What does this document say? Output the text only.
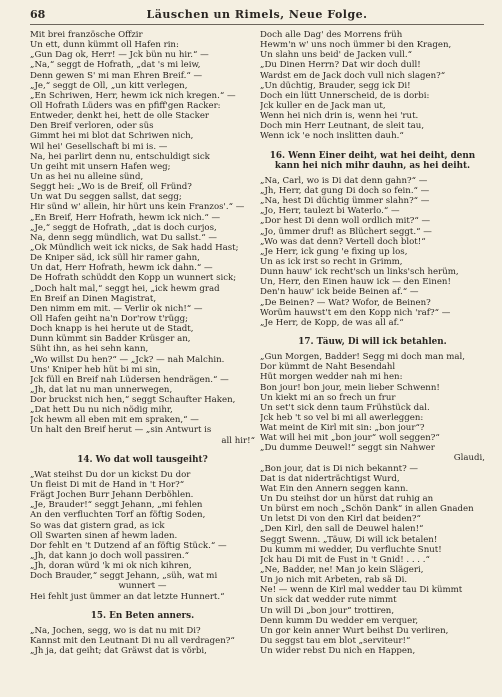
68	Läuschen un Rimels, Neue Folge.
Mit brei französche Offzir
Un ett, dunn kümmt oll Hafen rin:
„Gun Dag ok, Herr! — Jck bün nu hir.“ —
„Na,“ seggt de Hofrath, „dat 's mi leiw,
Denn gewen S' mi man Ehren Breif.“ —
„Je,“ seggt de Oll, „un kitt verlegen,
„En Schriwen, Herr, hewm ick nich kregen.“ —
Oll Hofrath Lüders was en pfiff'gen Racker:
Entweder, denkt hei, hett de olle Stacker
Den Breif verloren, oder süs
Gimmt hei mi blot dat Schriwen nich,
Wil hei' Gesellschaft bi mi is. —
Na, hei parlirt denn nu, entschuldigt sick
Un geiht mit unsern Hafen weg;
Un as hei nu alleine sünd,
Seggt hei: „Wo is de Breif, oll Fründ?
Un wat Du seggen sallst, dat segg;
Hir sünd w' allein, hir hürt uns kein Franzos'.“ —
„En Breif, Herr Hofrath, hewm ick nich.“ —
„Je,“ seggt de Hofrath, „dat is doch curjos,
Na, denn segg mündlich, wat Du sallst.“ —
„Ok Mündlich weit ick nicks, de Sak hadd Hast;
De Kniper säd, ick süll hir ramer gahn,
Un dat, Herr Hofrath, hewm ick dahn.“ —
De Hofrath schüddt den Kopp un wunnert sick;
„Doch halt mal,“ seggt hei, „ick hewm grad
En Breif an Dinen Magistrat,
Den nimm em mit. — Verlir ok nich!“ —
Oll Hafen geiht na'n Dor'row t'rügg;
Doch knapp is hei herute ut de Stadt,
Dunn kümmt sin Badder Krüsger an,
Süht ihn, as hei sehn kann,
„Wo willst Du hen?“ — „Jck? — nah Malchin.
Uns' Kniper heb hüt bi mi sin,
Jck füll en Breif nah Lüdersen hendrägen.“ —
„Jh, dat lat nu man unnerwegen,
Dor bruckst nich hen,“ seggt Schaufter Haken,
„Dat hett Du nu nich nödig mihr,
Jck hewm all eben mit em spraken,“ —
Un halt den Breif herut — „sin Antwurt is
all hir!“
14. Wo dat woll tausgeiht?
„Wat steihst Du dor un kickst Du dor
Un fleist Di mit de Hand in 't Hor?“
Frägt Jochen Burr Jehann Derböhlen.
„Je, Brauder!“ seggt Jehann, „mi fehlen
An den verfluchten Torf an föftig Soden,
So was dat gistern grad, as ick
Oll Swarten sinen af hewm laden.
Dor fehlt en 't Dutzend af an föftig Stück.“ —
„Jh, dat kann jo doch woll passiren.“
„Jh, doran würd 'k mi ok nich kihren,
Doch Brauder,“ seggt Jehann, „süh, wat mi
wunnert —
Hei fehlt just ümmer an dat letzte Hunnert.“
15. En Beten anners.
„Na, Jochen, segg, wo is dat nu mit Di?
Kannst mit den Leutnant Di nu all verdragen?“
„Jh ja, dat geiht; dat Gräwst dat is vörbi,
Doch alle Dag' des Morrens früh
Hewm'n w' uns noch ümmer bi den Kragen,
Un slahn uns beid' de Jacken vull.“
„Du Dinen Herrn? Dat wir doch dull!
Wardst em de Jack doch vull nich slagen?“
„Un düchtig, Brauder, segg ick Di!
Doch ein lütt Unnerscheid, de is dorbi:
Jck kuller en de Jack man ut,
Wenn hei nich drin is, wenn hei 'rut.
Doch min Herr Leutnant, de sleit tau,
Wenn ick 'e noch inslitten dauh.“
16. Wenn Einer deiht, wat hei deiht, denn
kann hei nich mihr dauhn, as hei deiht.
„Na, Carl, wo is Di dat denn gahn?“ —
„Jh, Herr, dat gung Di doch so fein.“ —
„Na, hest Di düchtig ümmer slahn?“ —
„Jo, Herr, taulezt bi Waterlo.“ —
„Dor hest Di denn woll ordlich mit?“ —
„Jo, ümmer druf! as Blüchert seggt.“ —
„Wo was dat denn? Vertell doch blot!“
„Je Herr, ick gung 'e fixing up los,
Un as ick irst so recht in Grimm,
Dunn hauw' ick recht'sch un links'sch herüm,
Un, Herr, den Einen hauw ick — den Einen!
Den'n hauw' ick beide Beinen af.“ —
„De Beinen? — Wat? Wofor, de Beinen?
Worüm hauwst't em den Kopp nich 'raf?“ —
„Je Herr, de Kopp, de was all af.“
17. Täuw, Di will ick betahlen.
„Gun Morgen, Badder! Segg mi doch man mal,
Dor kümmt de Naht Besendahl
Hüt morgen wedder nah mi hen:
Bon jour! bon jour, mein lieber Schwenn!
Un kiekt mi an so frech un frur
Un set't sick denn taum Frühstück dal.
Jck heb 't so vel bi mi all awerleggen:
Wat meint de Kirl mit sin: „bon jour“?
Wat will hei mit „bon jour“ woll seggen?“
„Du dumme Deuwel!“ seggt sin Nahwer
Glaudi,
„Bon jour, dat is Di nich bekannt? —
Dat is dat niderträchtigst Wurd,
Wat Ein den Annern seggen kann.
Un Du steihst dor un hürst dat ruhig an
Un bürst em noch „Schön Dank“ in allen Gnaden
Un letst Di von den Kirl dat beiden?“
„Den Kirl, den sall de Deuwel halen!“
Seggt Swenn. „Täuw, Di will ick betalen!
Du kumm mi wedder, Du verfluchte Snut!
Jck hau Di mit de Fust in 't Gnid! . . . .“
„Ne, Badder, ne! Man jo kein Slägeri,
Un jo nich mit Arbeten, rab sä Di.
Ne! — wenn de Kirl mal wedder tau Di kümmt
Un sick dat wedder rute nimmt
Un will Di „bon jour“ trottiren,
Denn kumm Du wedder em verquer,
Un gor kein anner Wurt beihst Du verliren,
Du seggst tau em blot „serviteur!“
Un wider rebst Du nich en Happen,
